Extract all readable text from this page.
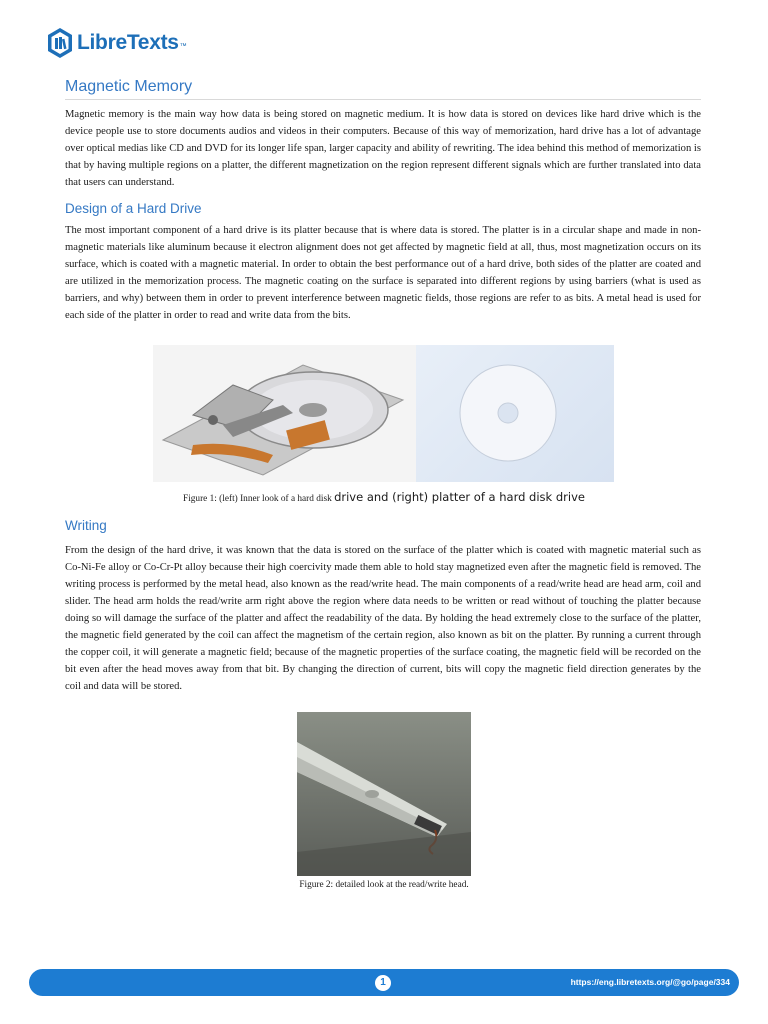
LibreTexts ™
Magnetic Memory

Magnetic memory is the main way how data is being stored on magnetic medium. It is how data is stored on devices like hard drive which is the device people use to store documents audios and videos in their computers. Because of this way of memorization, hard drive has a lot of advantage over optical medias like CD and DVD for its longer life span, larger capacity and ability of rewriting. The idea behind this method of memorization is that by having multiple regions on a platter, the different magnetization on the region represent different signals which are further translated into data that users can understand.

Design of a Hard Drive

The most important component of a hard drive is its platter because that is where data is stored. The platter is in a circular shape and made in non-magnetic materials like aluminum because it electron alignment does not get affected by magnetic field at all, thus, most magnetization occurs on its surface, which is coated with a magnetic material. In order to obtain the best performance out of a hard drive, both sides of the platter are coated and are utilized in the memorization process. The magnetic coating on the surface is separated into different regions by using barriers (what is used as barriers, and why) between them in order to prevent interference between magnetic fields, those regions are refer to as bits. A metal head is used for each side of the platter in order to read and write data from the bits.

Writing

From the design of the hard drive, it was known that the data is stored on the surface of the platter which is coated with magnetic material such as Co-Ni-Fe alloy or Co-Cr-Pt alloy because their high coercivity made them able to hold stay magnetized even after the magnetic field is removed. The writing process is performed by the metal head, also known as the read/write head. The main components of a read/write head are head arm, coil and slider. The head arm holds the read/write arm right above the region where data needs to be written or read without of touching the platter because doing so will damage the surface of the platter and affect the readability of the data. By holding the head extremely close to the surface of the platter, the magnetic field generated by the coil can affect the magnetism of the certain region, also known as bit on the platter. By running a current through the copper coil, it will generate a magnetic field; because of the magnetic properties of the surface coating, the magnetic field will be recorded on the bit even after the head moves away from that bit. By changing the direction of current, bits will copy the magnetic field direction generates by the coil and data will be stored.

Figure 1: (left) Inner look of a hard disk drive and (right) platter of a hard disk drive
Figure 2: detailed look at the read/write head.
1	https://eng.libretexts.org/@go/page/334
